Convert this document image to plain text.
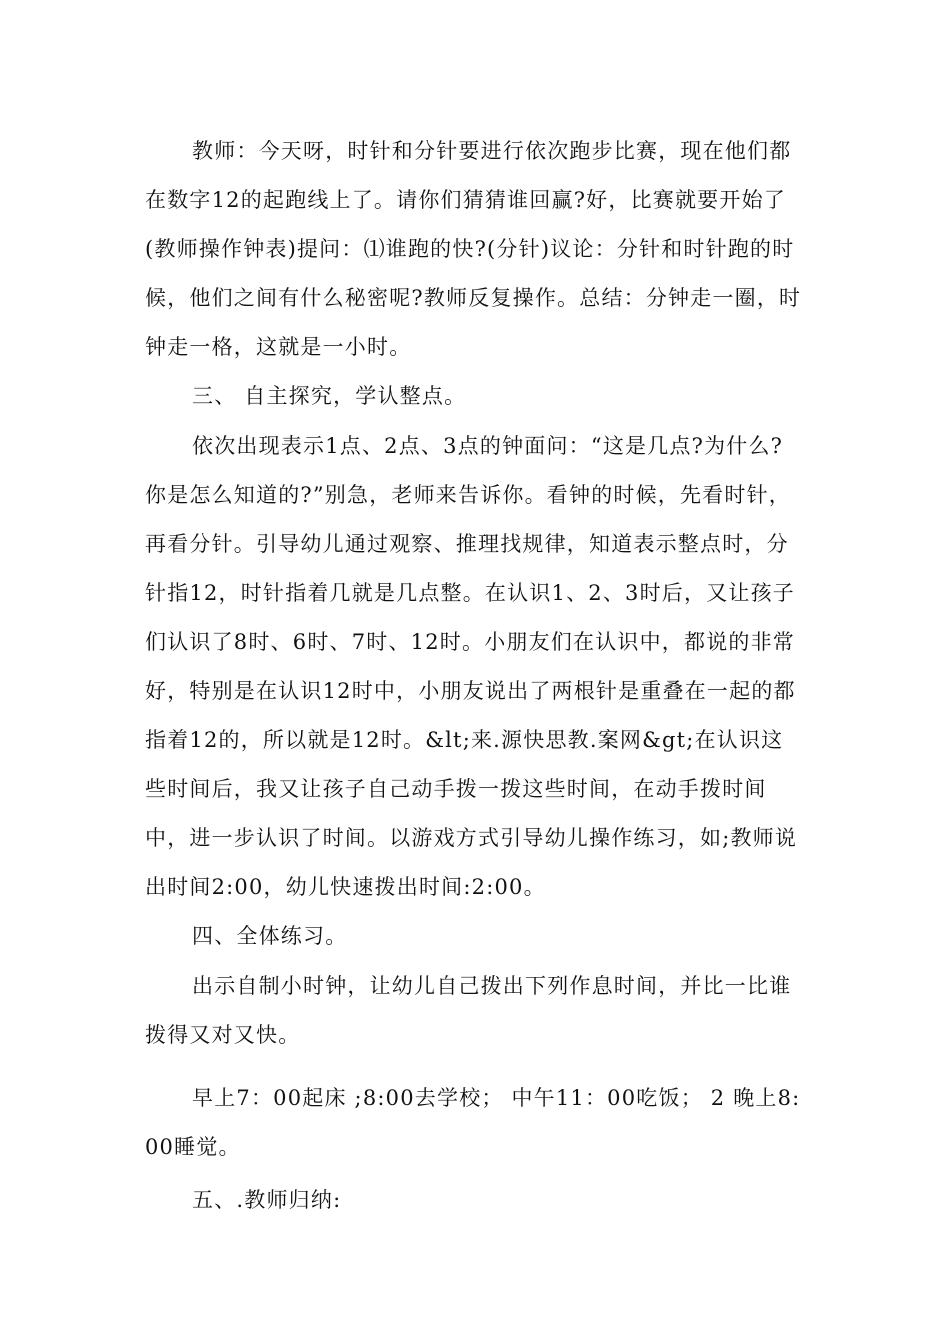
教师：今天呀，时针和分针要进行依次跑步比赛，现在他们都
在数字12的起跑线上了。请你们猜猜谁回赢?好，比赛就要开始了
(教师操作钟表)提问：⑴谁跑的快?(分针)议论：分针和时针跑的时
候，他们之间有什么秘密呢?教师反复操作。总结：分钟走一圈，时
钟走一格，这就是一小时。
三、 自主探究，学认整点。
依次出现表示1点、2点、3点的钟面问：“这是几点?为什么?
你是怎么知道的?”别急，老师来告诉你。看钟的时候，先看时针，
再看分针。引导幼儿通过观察、推理找规律，知道表示整点时，分
针指12，时针指着几就是几点整。在认识1、2、3时后，又让孩子
们认识了8时、6时、7时、12时。小朋友们在认识中，都说的非常
好，特别是在认识12时中，小朋友说出了两根针是重叠在一起的都
指着12的，所以就是12时。&lt;来.源快思教.案网&gt;在认识这
些时间后，我又让孩子自己动手拨一拨这些时间，在动手拨时间
中，进一步认识了时间。以游戏方式引导幼儿操作练习，如;教师说
出时间2:00，幼儿快速拨出时间:2:00。
四、全体练习。
出示自制小时钟，让幼儿自己拨出下列作息时间，并比一比谁
拨得又对又快。
早上7：00起床 ;8:00去学校； 中午11：00吃饭； 2 晚上8:
00睡觉。
五、.教师归纳:
